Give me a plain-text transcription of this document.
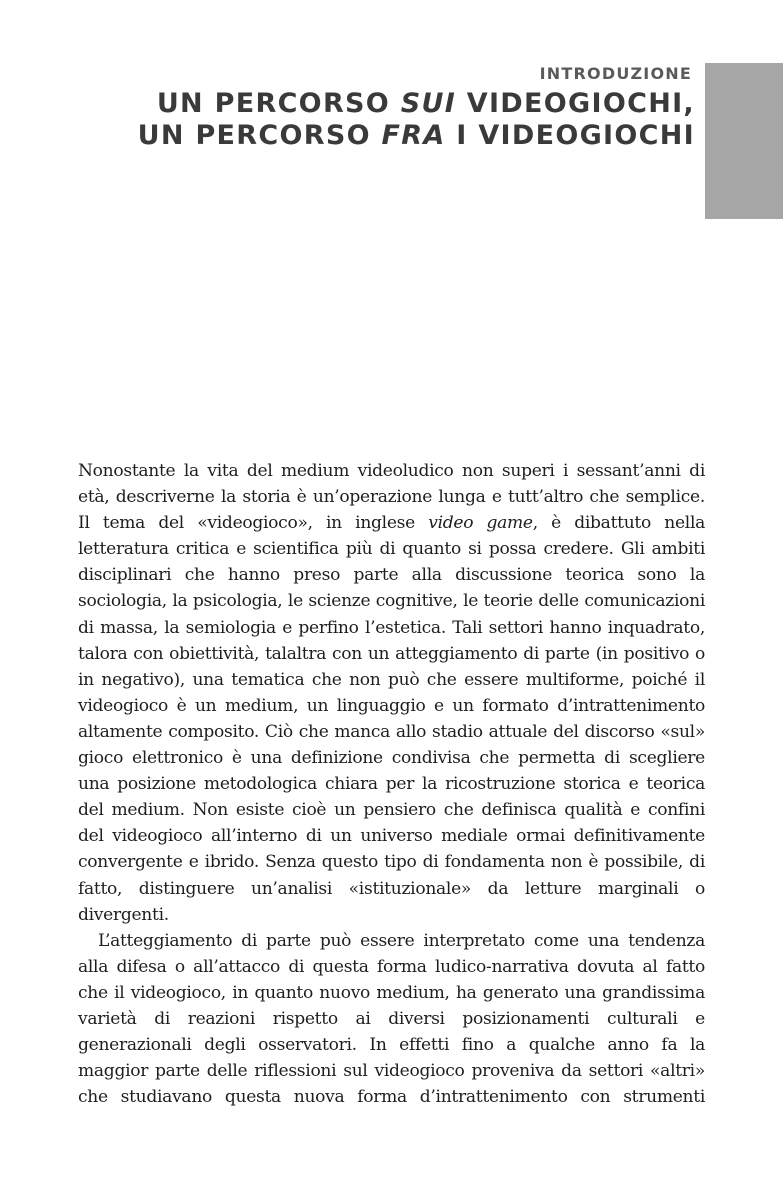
INTRODUZIONE
UN PERCORSO SUI VIDEOGIOCHI,
UN PERCORSO FRA I VIDEOGIOCHI

Nonostante la vita del medium videoludico non superi i sessant’anni di età, descriverne la storia è un’operazione lunga e tutt’altro che semplice. Il tema del «videogioco», in inglese video game, è dibattuto nella letteratura critica e scientifica più di quanto si possa credere. Gli ambiti disciplinari che hanno preso parte alla discussione teorica sono la sociologia, la psicologia, le scienze cognitive, le teorie delle comunicazioni di massa, la semiologia e perfino l’estetica. Tali settori hanno inquadrato, talora con obiettività, talaltra con un atteggiamento di parte (in positivo o in negativo), una tematica che non può che essere multiforme, poiché il videogioco è un medium, un linguaggio e un formato d’intrattenimento altamente composito. Ciò che manca allo stadio attuale del discorso «sul» gioco elettronico è una definizione condivisa che permetta di scegliere una posizione metodologica chiara per la ricostruzione storica e teorica del medium. Non esiste cioè un pensiero che definisca qualità e confini del videogioco all’interno di un universo mediale ormai definitivamente convergente e ibrido. Senza questo tipo di fondamenta non è possibile, di fatto, distinguere un’analisi «istituzionale» da letture marginali o divergenti.

L’atteggiamento di parte può essere interpretato come una tendenza alla difesa o all’attacco di questa forma ludico-narrativa dovuta al fatto che il videogioco, in quanto nuovo medium, ha generato una grandissima varietà di reazioni rispetto ai diversi posizionamenti culturali e generazionali degli osservatori. In effetti fino a qualche anno fa la maggior parte delle riflessioni sul videogioco proveniva da settori «altri» che studiavano questa nuova forma d’intrattenimento con strumenti
